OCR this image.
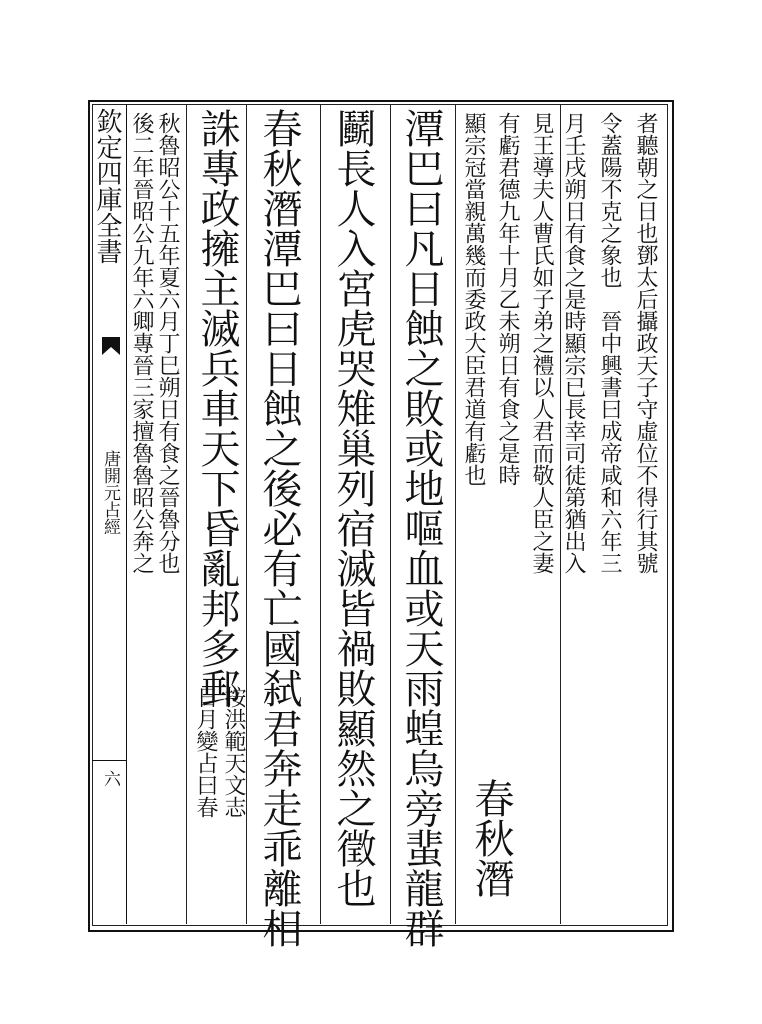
欽定四庫全書
唐開元占經
六
者聽朝之日也鄧太后攝政天子守虛位不得行其號
令蓋陽不克之象也　晉中興書曰成帝咸和六年三
月壬戌朔日有食之是時顯宗已長幸司徒第猶出入
見王導夫人曹氏如子弟之禮以人君而敬人臣之妻
有虧君德九年十月乙未朔日有食之是時
顯宗冠當親萬幾而委政大臣君道有虧也
春秋潛
潭巴曰凡日蝕之敗或地嘔血或天雨蝗烏旁蜚龍群
鬬長人入宮虎哭雉巢列宿滅皆禍敗顯然之徵也
春秋潛潭巴曰日蝕之後必有亡國弑君奔走乖離相
誅專政擁主滅兵車天下昏亂邦多郵
按洪範天文志
日月變占曰春
秋魯昭公十五年夏六月丁巳朔日有食之晉魯分也
後二年晉昭公九年六卿專晉三家擅魯魯昭公奔之
